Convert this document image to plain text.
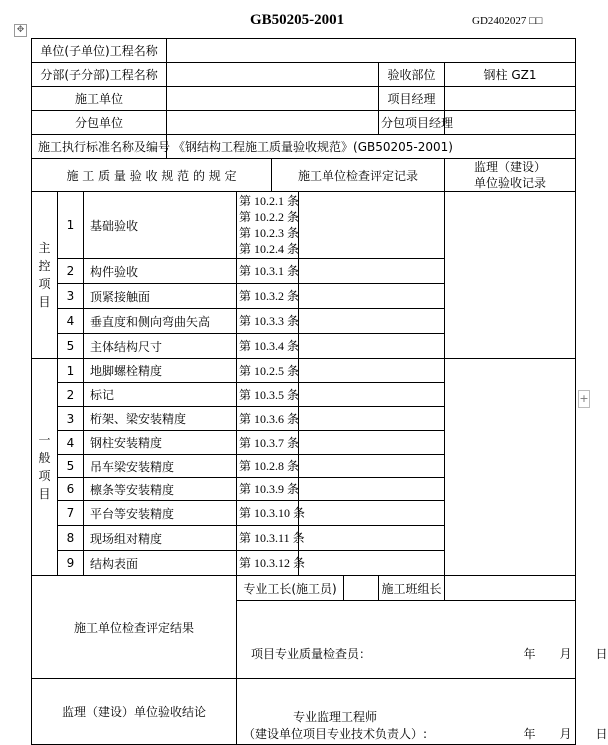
GB50205-2001	GD2402027 □□
✥
+
单位(子单位)工程名称									
分部(子分部)工程名称								验收部位	钢柱 GZ1
施工单位								项目经理	
分包单位								分包项目经理	
施工执行标准名称及编号			《钢结构工程施工质量验收规范》(GB50205-2001)						
施 工 质 量 验 收 规 范 的 规 定					施工单位检查评定记录				监理（建设）
单位验收记录
主
控
项
目	1	基础验收		第 10.2.1 条
第 10.2.2 条
第 10.2.3 条
第 10.2.4 条					
	2	构件验收		第 10.3.1 条					
	3	顶紧接触面		第 10.3.2 条					
	4	垂直度和侧向弯曲矢高		第 10.3.3 条					
	5	主体结构尺寸		第 10.3.4 条					
一
般
项
目	1	地脚螺栓精度		第 10.2.5 条					
	2	标记		第 10.3.5 条					
	3	桁架、梁安装精度		第 10.3.6 条					
	4	钢柱安装精度		第 10.3.7 条					
	5	吊车梁安装精度		第 10.2.8 条					
	6	檩条等安装精度		第 10.3.9 条					
	7	平台等安装精度		第 10.3.10 条					
	8	现场组对精度		第 10.3.11 条					
	9	结构表面		第 10.3.12 条					
施工单位检查评定结果				专业工长(施工员)				施工班组长	
				项目专业质量检查员： 年　　月　　日					

监理（建设）单位验收结论				专业监理工程师
（建设单位项目专业技术负责人）: 年　　月　　日					
